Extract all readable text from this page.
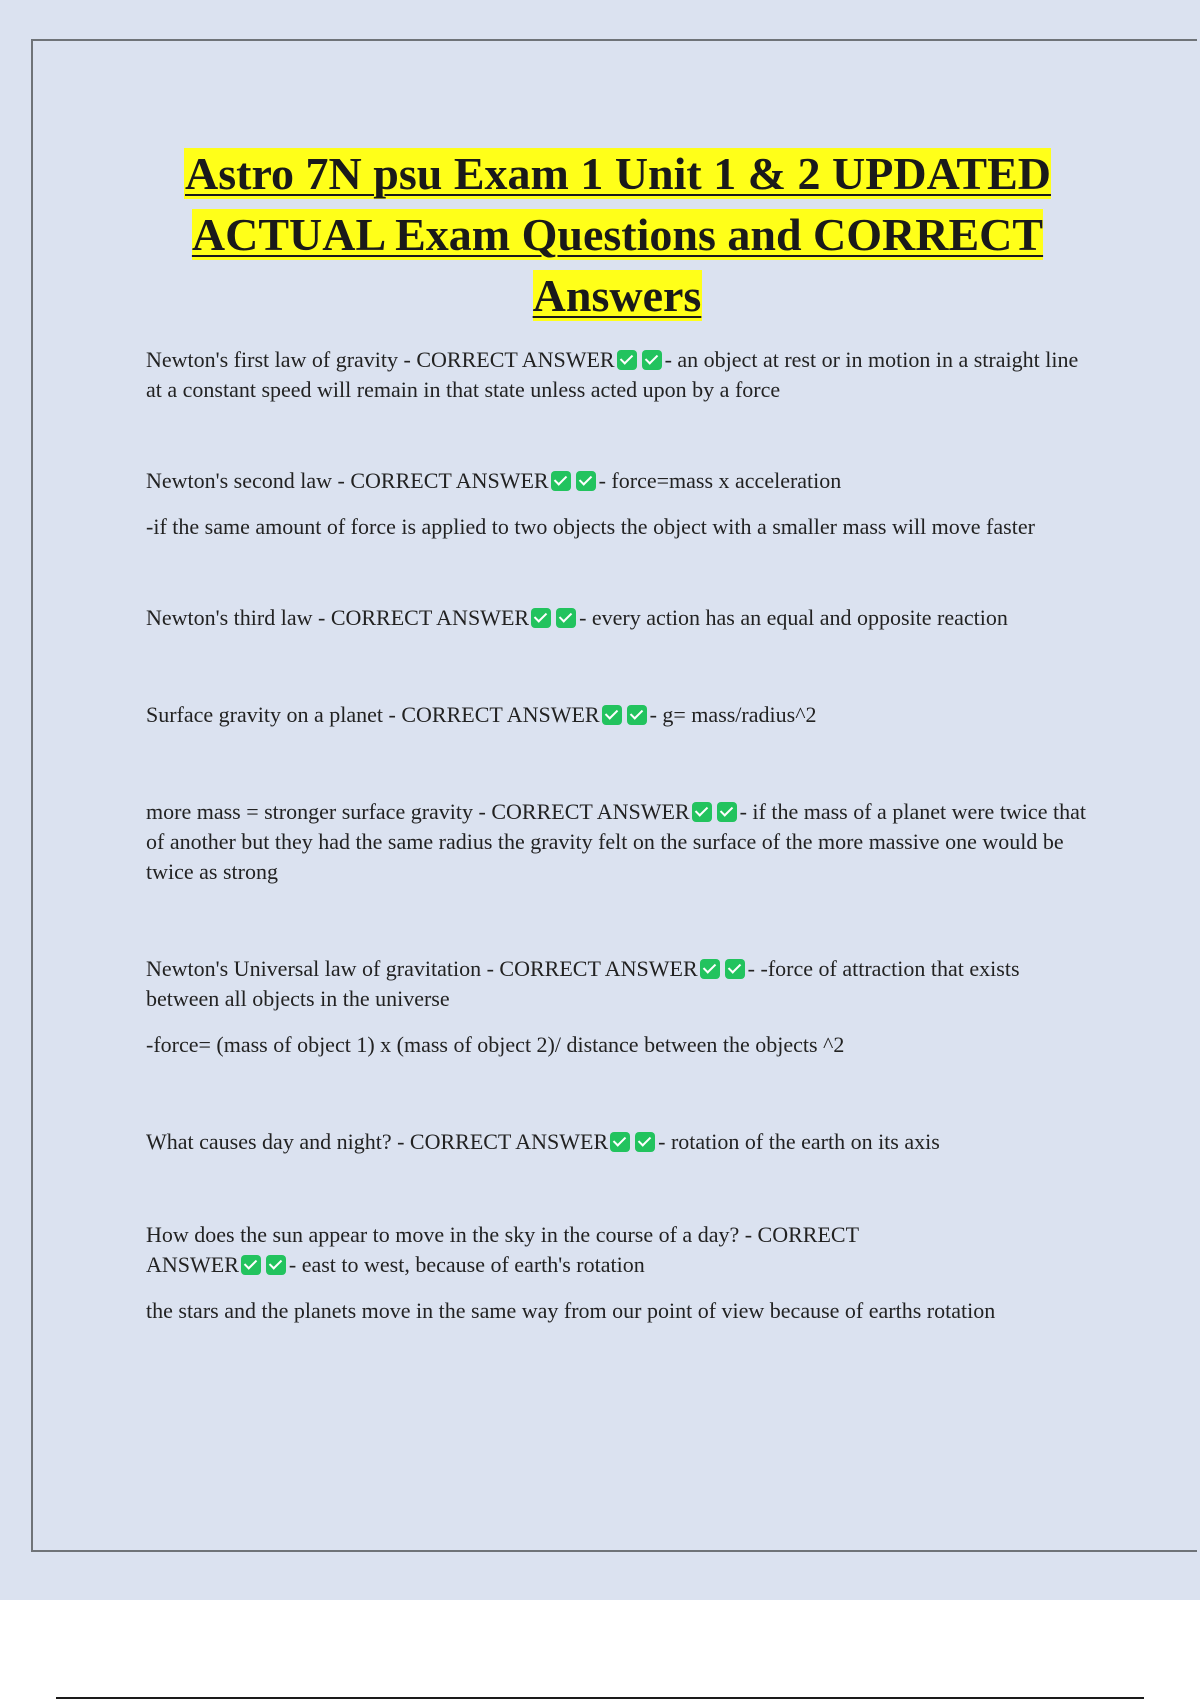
Astro 7N psu Exam 1 Unit 1 & 2 UPDATED ACTUAL Exam Questions and CORRECT Answers

Newton's first law of gravity - CORRECT ANSWER - an object at rest or in motion in a straight line at a constant speed will remain in that state unless acted upon by a force

Newton's second law - CORRECT ANSWER - force=mass x acceleration

-if the same amount of force is applied to two objects the object with a smaller mass will move faster

Newton's third law - CORRECT ANSWER - every action has an equal and opposite reaction

Surface gravity on a planet - CORRECT ANSWER - g= mass/radius^2

more mass = stronger surface gravity - CORRECT ANSWER - if the mass of a planet were twice that of another but they had the same radius the gravity felt on the surface of the more massive one would be twice as strong

Newton's Universal law of gravitation - CORRECT ANSWER - -force of attraction that exists between all objects in the universe

-force= (mass of object 1) x (mass of object 2)/ distance between the objects ^2

What causes day and night? - CORRECT ANSWER - rotation of the earth on its axis

How does the sun appear to move in the sky in the course of a day? - CORRECT ANSWER - east to west, because of earth's rotation

the stars and the planets move in the same way from our point of view because of earths rotation
